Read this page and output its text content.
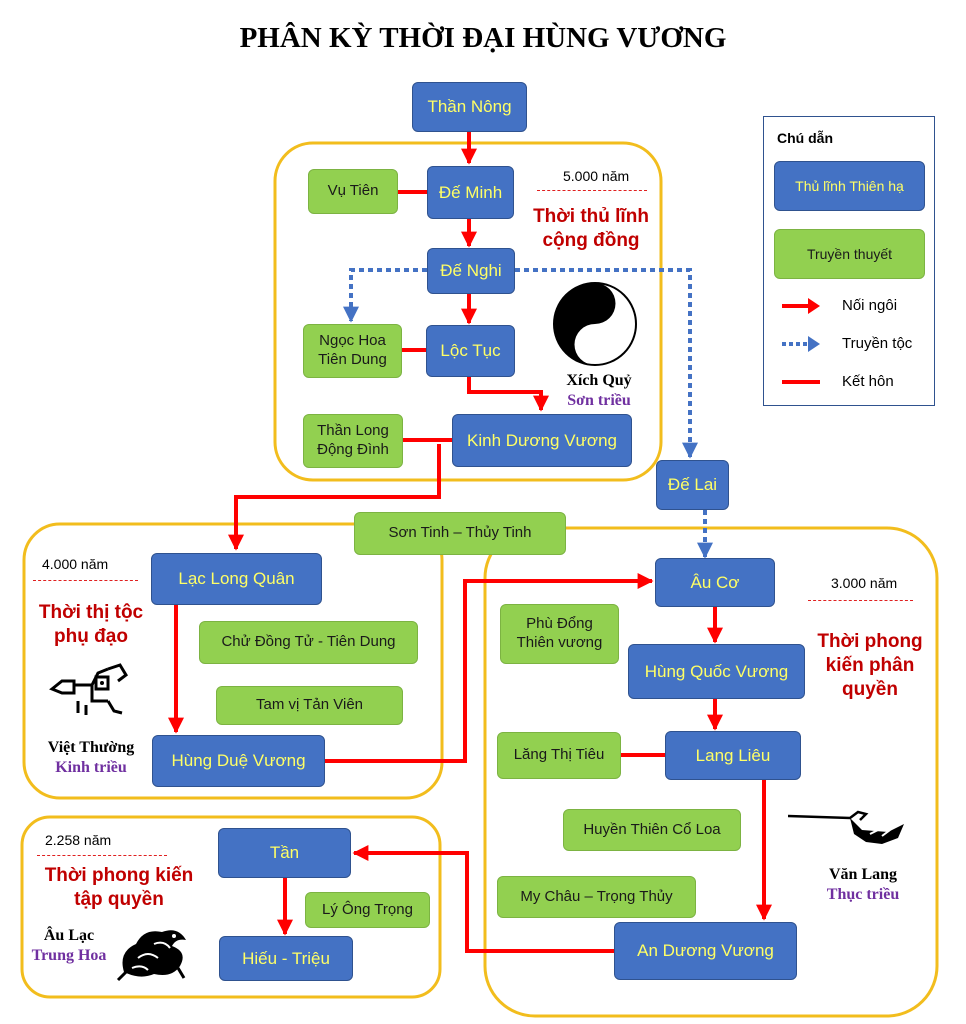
PHÂN KỲ THỜI ĐẠI HÙNG VƯƠNG
Thần Nông
Vụ Tiên	Đế Minh
Đế Nghi
Ngọc Hoa
Tiên Dung	Lộc Tục
Thần Long
Động Đình	Kinh Dương Vương
5.000 năm
Thời thủ lĩnh
cộng đồng
日
辰	星
月
Xích Quỷ
Sơn triều
Đế Lai
Sơn Tinh – Thủy Tinh
4.000 năm
Thời thị tộc
phụ đạo
Lạc Long Quân
Chử Đồng Tử - Tiên Dung
Tam vị Tản Viên
Hùng Duệ Vương
Việt Thường
Kinh triều
Âu Cơ	3.000 năm
Thời phong
kiến phân
quyền
Phù Đổng
Thiên vương
Hùng Quốc Vương
Lăng Thị Tiêu	Lang Liêu
Huyền Thiên Cổ Loa
My Châu – Trọng Thủy
An Dương Vương
Văn Lang
Thục triều
2.258 năm
Thời phong kiến
tập quyền
Tần
Lý Ông Trọng
Hiếu - Triệu
Âu Lạc
Trung Hoa
Chú dẫn
Thủ lĩnh Thiên hạ
Truyền thuyết
Nối ngôi
Truyền tộc
Kết hôn
